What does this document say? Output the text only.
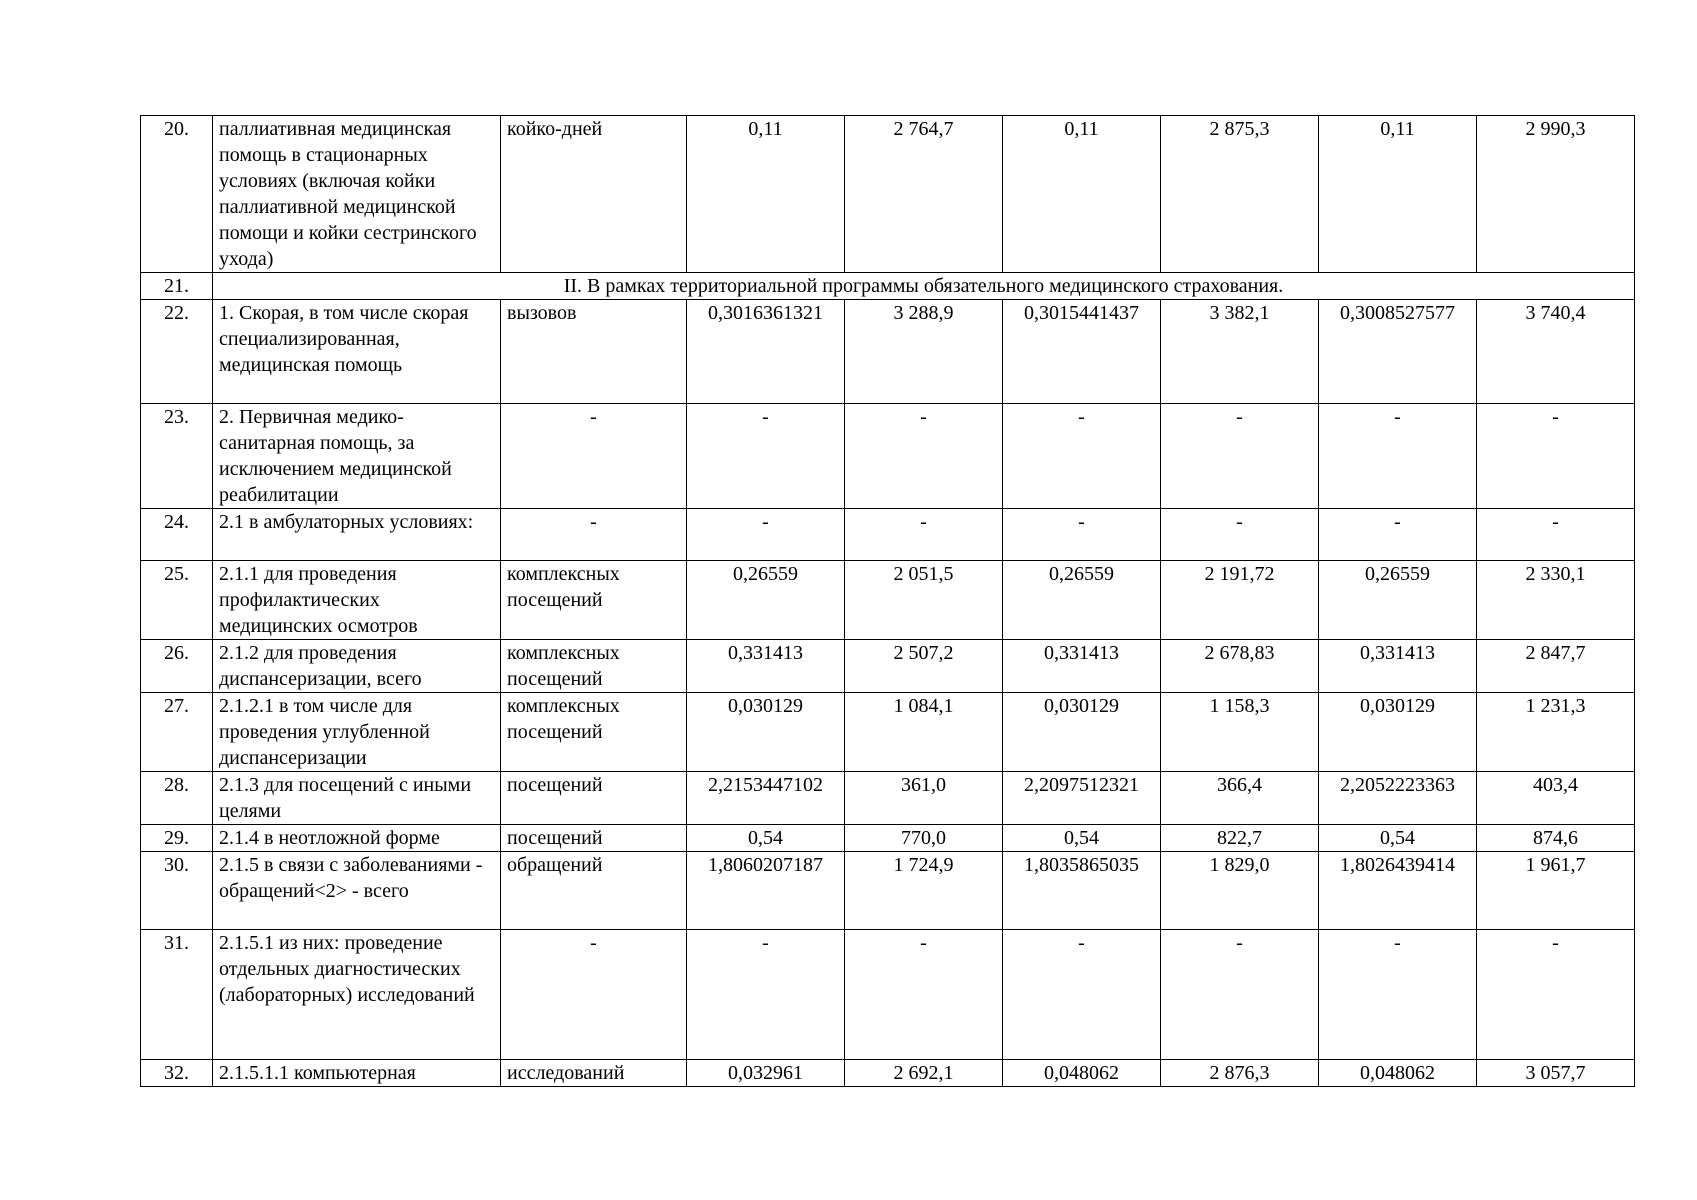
20.	паллиативная медицинская помощь в стационарных условиях (включая койки паллиативной медицинской помощи и койки сестринского ухода)	койко-дней	0,11	2 764,7	0,11	2 875,3	0,11	2 990,3
21.	II. В рамках территориальной программы обязательного медицинского страхования.							
22.	1. Скорая, в том числе скорая специализированная, медицинская помощь	вызовов	0,3016361321	3 288,9	0,3015441437	3 382,1	0,3008527577	3 740,4
23.	2. Первичная медико-санитарная помощь, за исключением медицинской реабилитации	-	-	-	-	-	-	-
24.	2.1 в амбулаторных условиях:	-	-	-	-	-	-	-
25.	2.1.1 для проведения профилактических медицинских осмотров	комплексных посещений	0,26559	2 051,5	0,26559	2 191,72	0,26559	2 330,1
26.	2.1.2 для проведения диспансеризации, всего	комплексных посещений	0,331413	2 507,2	0,331413	2 678,83	0,331413	2 847,7
27.	2.1.2.1 в том числе для проведения углубленной диспансеризации	комплексных посещений	0,030129	1 084,1	0,030129	1 158,3	0,030129	1 231,3
28.	2.1.3 для посещений с иными целями	посещений	2,2153447102	361,0	2,2097512321	366,4	2,2052223363	403,4
29.	2.1.4 в неотложной форме	посещений	0,54	770,0	0,54	822,7	0,54	874,6
30.	2.1.5 в связи с заболеваниями - обращений<2> - всего	обращений	1,8060207187	1 724,9	1,8035865035	1 829,0	1,8026439414	1 961,7
31.	2.1.5.1 из них: проведение отдельных диагностических (лабораторных) исследований	-	-	-	-	-	-	-
32.	2.1.5.1.1 компьютерная	исследований	0,032961	2 692,1	0,048062	2 876,3	0,048062	3 057,7
